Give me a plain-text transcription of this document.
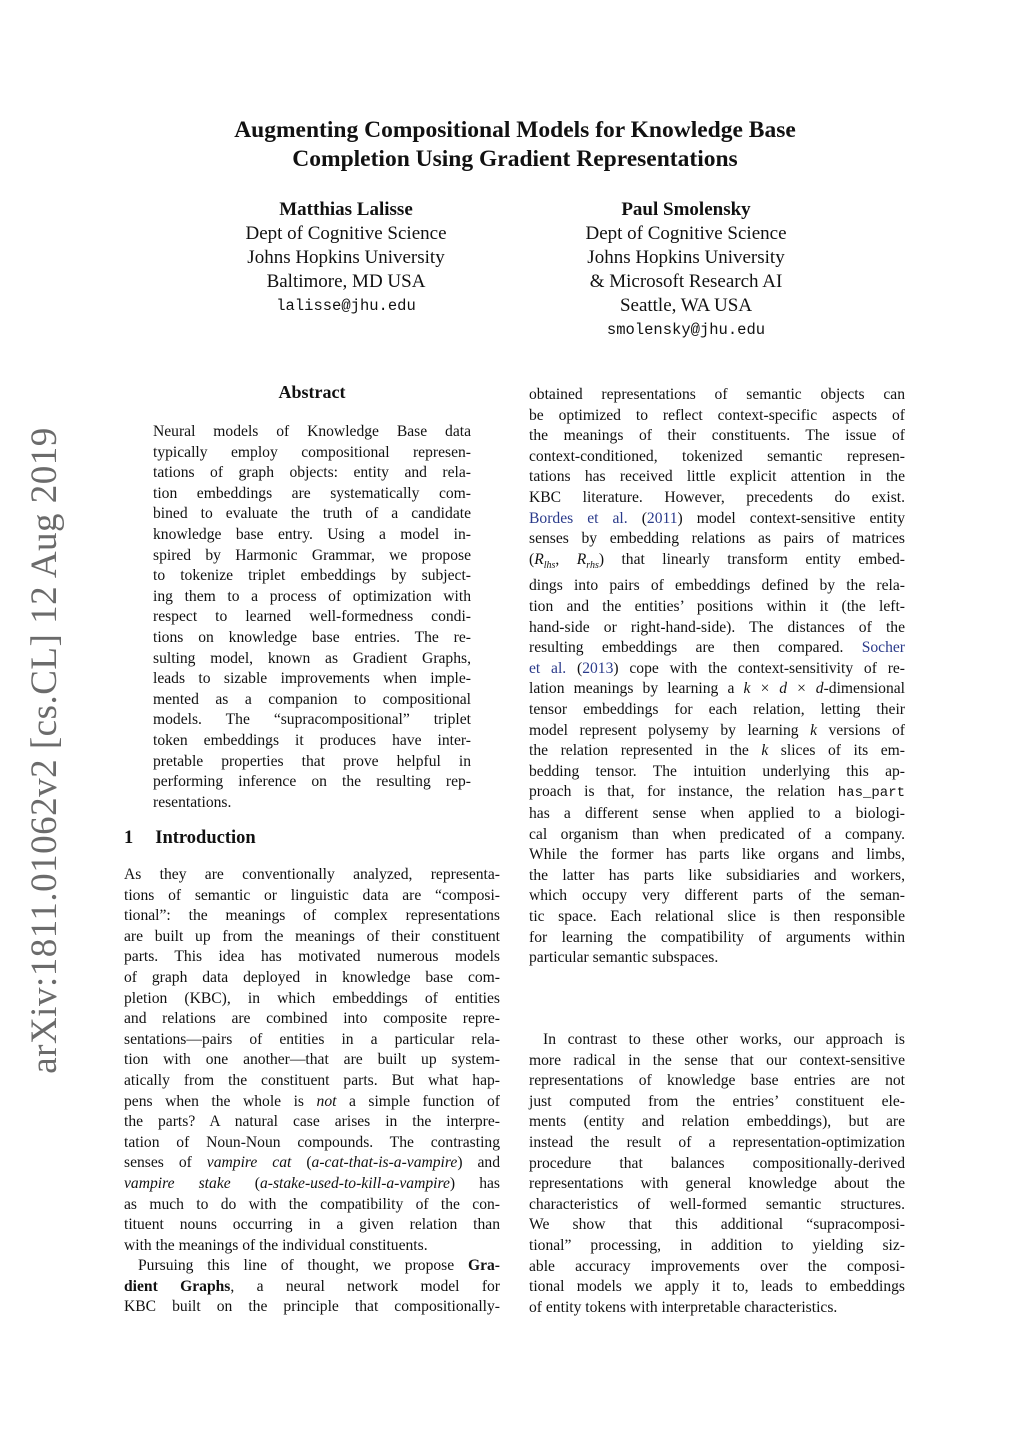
arXiv:1811.01062v2 [cs.CL] 12 Aug 2019
Augmenting Compositional Models for Knowledge Base
Completion Using Gradient Representations
Matthias Lalisse
Dept of Cognitive Science
Johns Hopkins University
Baltimore, MD USA
lalisse@jhu.edu
Paul Smolensky
Dept of Cognitive Science
Johns Hopkins University
& Microsoft Research AI
Seattle, WA USA
smolensky@jhu.edu
Abstract
Neural models of Knowledge Base data
typically employ compositional represen-
tations of graph objects: entity and rela-
tion embeddings are systematically com-
bined to evaluate the truth of a candidate
knowledge base entry. Using a model in-
spired by Harmonic Grammar, we propose
to tokenize triplet embeddings by subject-
ing them to a process of optimization with
respect to learned well-formedness condi-
tions on knowledge base entries. The re-
sulting model, known as Gradient Graphs,
leads to sizable improvements when imple-
mented as a companion to compositional
models. The “supracompositional” triplet
token embeddings it produces have inter-
pretable properties that prove helpful in
performing inference on the resulting rep-
resentations.
1 Introduction
As they are conventionally analyzed, representa-
tions of semantic or linguistic data are “composi-
tional”: the meanings of complex representations
are built up from the meanings of their constituent
parts. This idea has motivated numerous models
of graph data deployed in knowledge base com-
pletion (KBC), in which embeddings of entities
and relations are combined into composite repre-
sentations—pairs of entities in a particular rela-
tion with one another—that are built up system-
atically from the constituent parts. But what hap-
pens when the whole is not a simple function of
the parts? A natural case arises in the interpre-
tation of Noun-Noun compounds. The contrasting
senses of vampire cat (a-cat-that-is-a-vampire) and
vampire stake (a-stake-used-to-kill-a-vampire) has
as much to do with the compatibility of the con-
tituent nouns occurring in a given relation than
with the meanings of the individual constituents.
Pursuing this line of thought, we propose Gra-
dient Graphs, a neural network model for
KBC built on the principle that compositionally-
obtained representations of semantic objects can
be optimized to reflect context-specific aspects of
the meanings of their constituents. The issue of
context-conditioned, tokenized semantic represen-
tations has received little explicit attention in the
KBC literature. However, precedents do exist.
Bordes et al. (2011) model context-sensitive entity
senses by embedding relations as pairs of matrices
($R_{lhs}$, $R_{rhs}$) that linearly transform entity embed-
dings into pairs of embeddings defined by the rela-
tion and the entities’ positions within it (the left-
hand-side or right-hand-side). The distances of the
resulting embeddings are then compared. Socher
et al. (2013) cope with the context-sensitivity of re-
lation meanings by learning a k × d × d-dimensional
tensor embeddings for each relation, letting their
model represent polysemy by learning k versions of
the relation represented in the k slices of its em-
bedding tensor. The intuition underlying this ap-
proach is that, for instance, the relation has_part
has a different sense when applied to a biologi-
cal organism than when predicated of a company.
While the former has parts like organs and limbs,
the latter has parts like subsidiaries and workers,
which occupy very different parts of the seman-
tic space. Each relational slice is then responsible
for learning the compatibility of arguments within
particular semantic subspaces.
In contrast to these other works, our approach is
more radical in the sense that our context-sensitive
representations of knowledge base entries are not
just computed from the entries’ constituent ele-
ments (entity and relation embeddings), but are
instead the result of a representation-optimization
procedure that balances compositionally-derived
representations with general knowledge about the
characteristics of well-formed semantic structures.
We show that this additional “supracomposi-
tional” processing, in addition to yielding siz-
able accuracy improvements over the composi-
tional models we apply it to, leads to embeddings
of entity tokens with interpretable characteristics.
